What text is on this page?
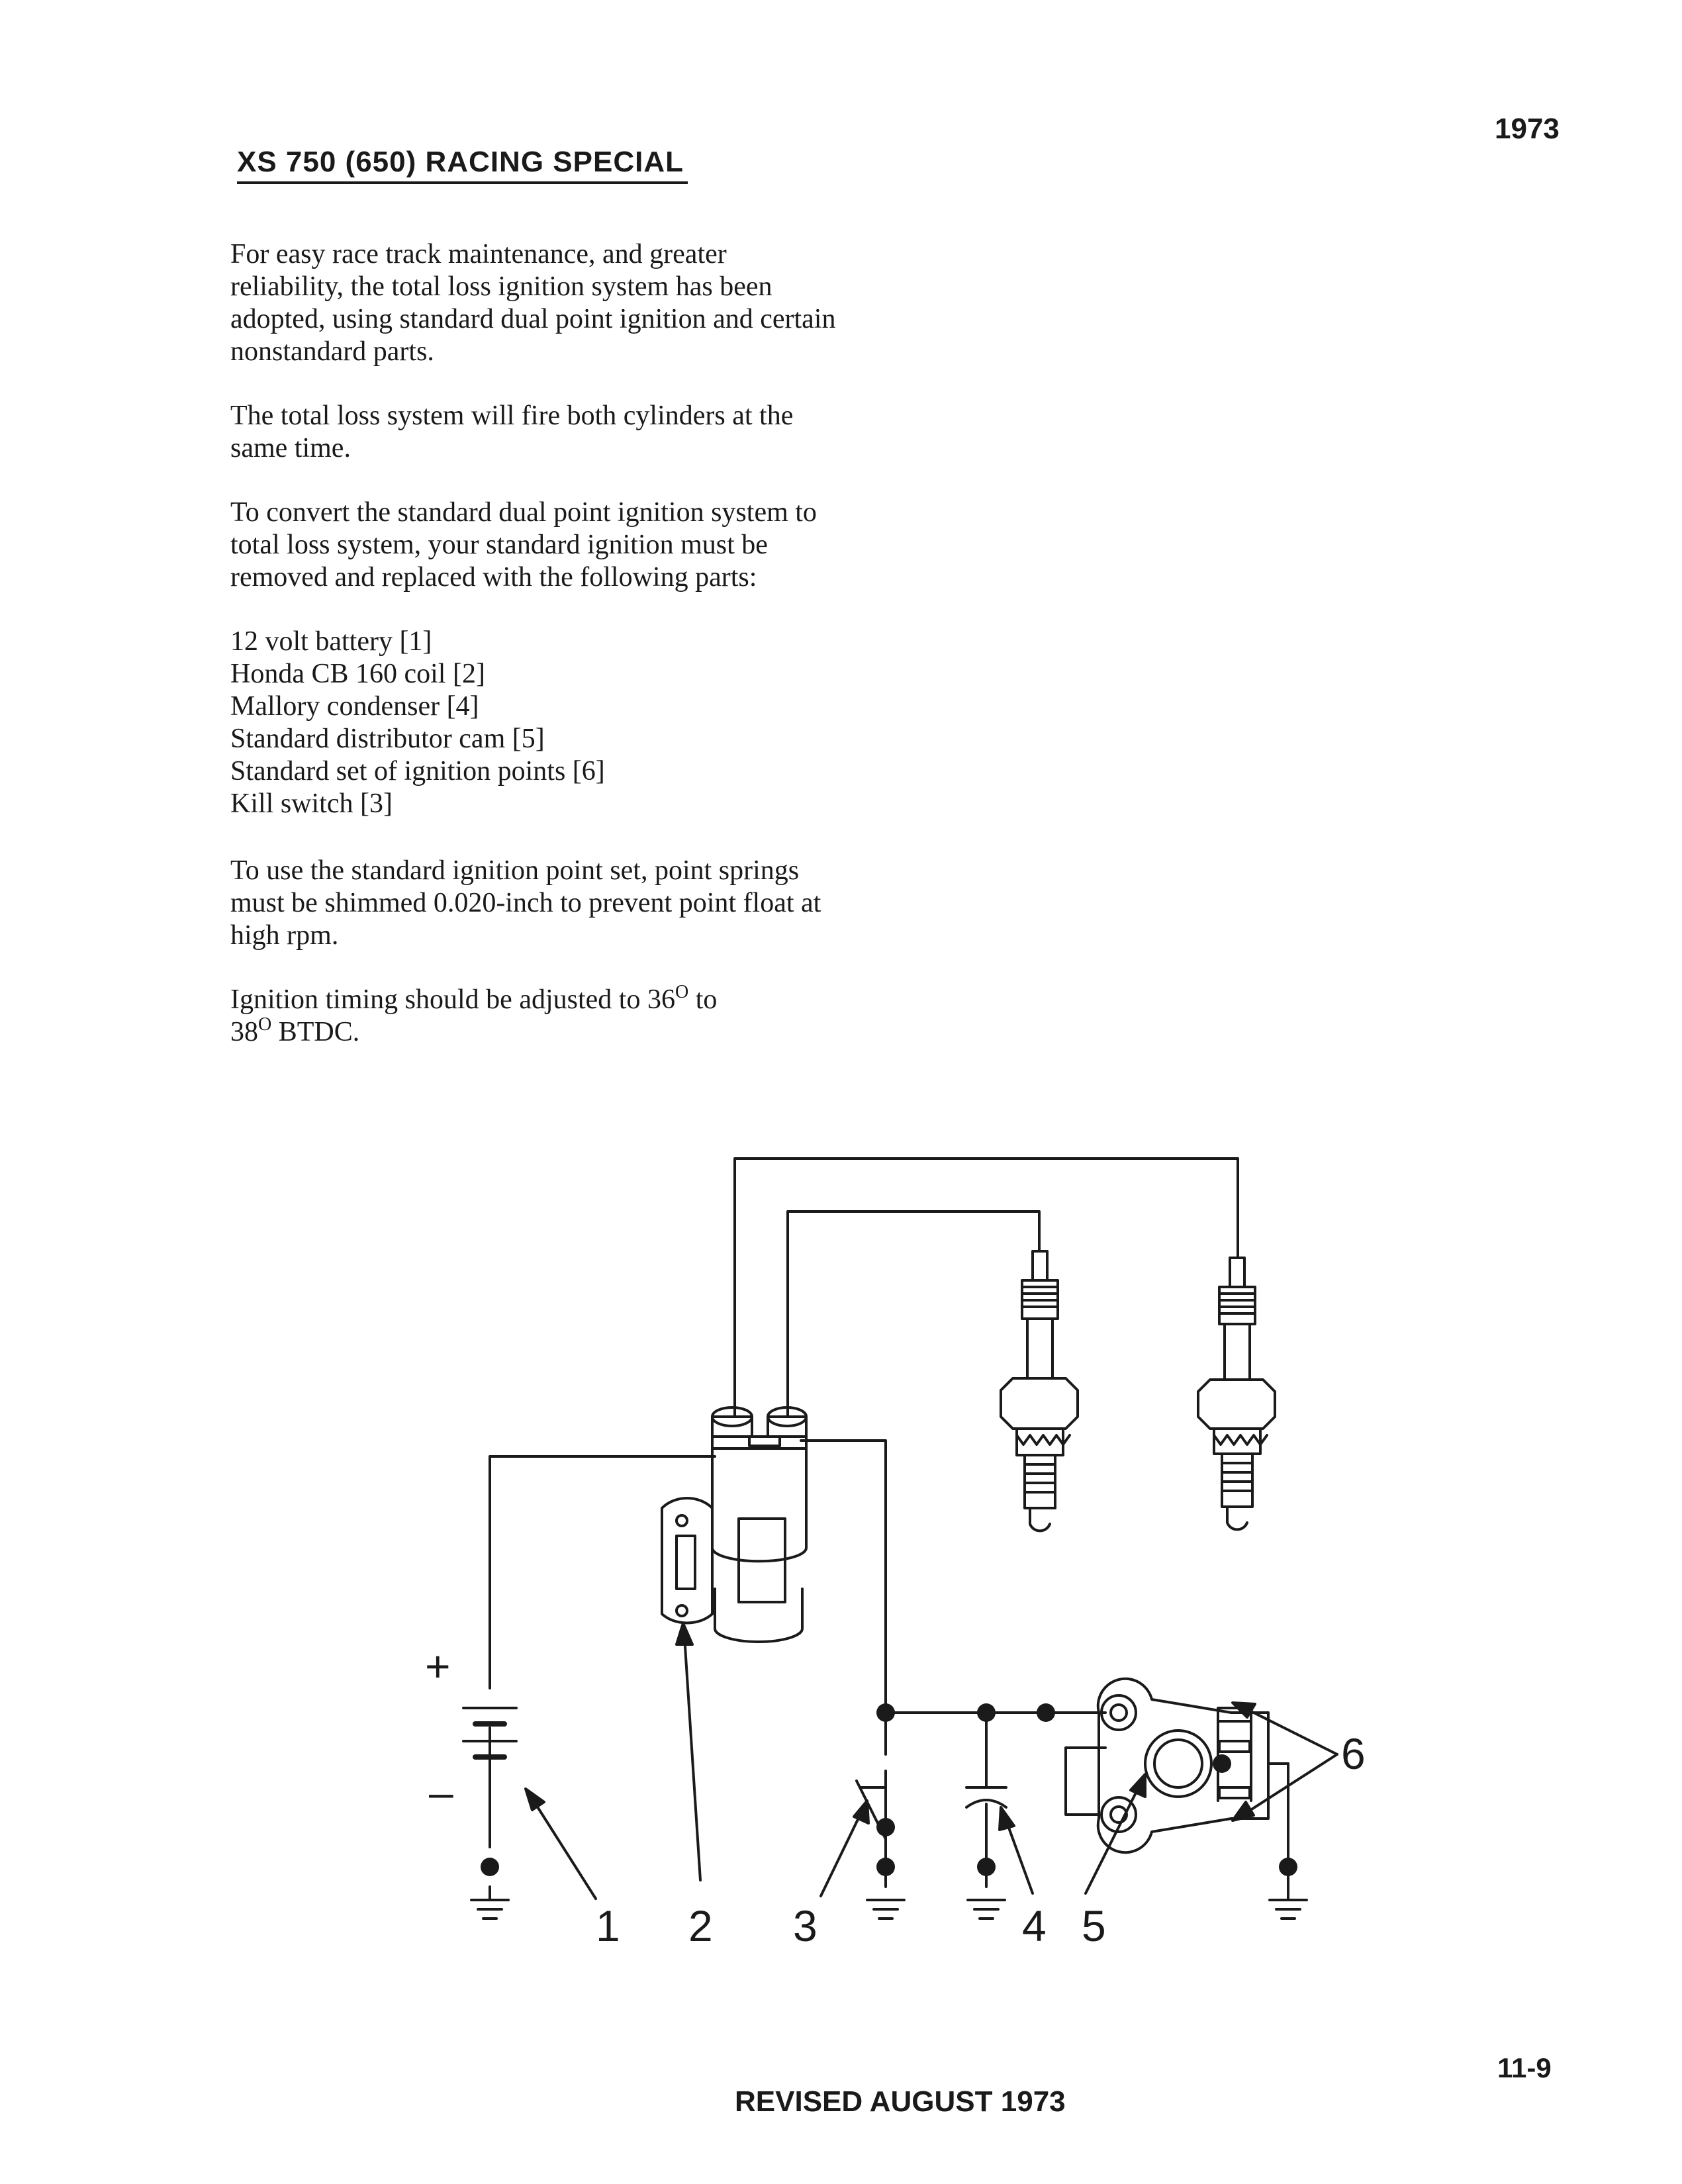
1973
XS 750 (650) RACING SPECIAL

For easy race track maintenance, and greater reliability, the total loss ignition system has been adopted, using standard dual point ignition and certain nonstandard parts.

The total loss system will fire both cylinders at the same time.

To convert the standard dual point ignition system to total loss system, your standard ignition must be removed and replaced with the following parts:

12 volt battery [1]
Honda CB 160 coil [2]
Mallory condenser [4]
Standard distributor cam [5]
Standard set of ignition points [6]
Kill switch [3]

To use the standard ignition point set, point springs must be shimmed 0.020-inch to prevent point float at high rpm.

Ignition timing should be adjusted to $36^O$ to
$38^O$ BTDC.

+
–
1 2 3	4 5
6
11-9
REVISED AUGUST 1973
